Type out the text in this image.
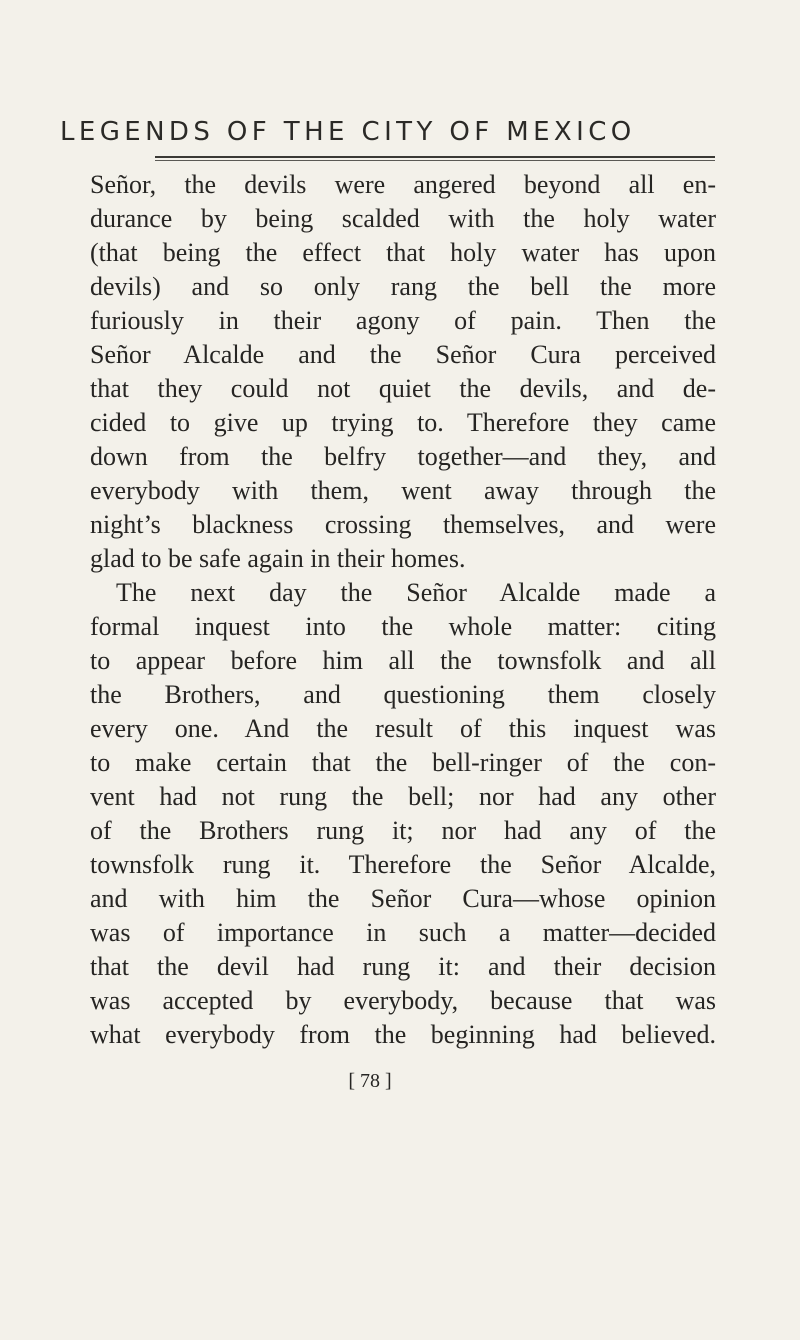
LEGENDS OF THE CITY OF MEXICO
Señor, the devils were angered beyond all en-
durance by being scalded with the holy water
(that being the effect that holy water has upon
devils) and so only rang the bell the more
furiously in their agony of pain. Then the
Señor Alcalde and the Señor Cura perceived
that they could not quiet the devils, and de-
cided to give up trying to. Therefore they came
down from the belfry together—and they, and
everybody with them, went away through the
night’s blackness crossing themselves, and were
glad to be safe again in their homes.
The next day the Señor Alcalde made a
formal inquest into the whole matter: citing
to appear before him all the townsfolk and all
the Brothers, and questioning them closely
every one. And the result of this inquest was
to make certain that the bell-ringer of the con-
vent had not rung the bell; nor had any other
of the Brothers rung it; nor had any of the
townsfolk rung it. Therefore the Señor Alcalde,
and with him the Señor Cura—whose opinion
was of importance in such a matter—decided
that the devil had rung it: and their decision
was accepted by everybody, because that was
what everybody from the beginning had believed.
[ 78 ]
